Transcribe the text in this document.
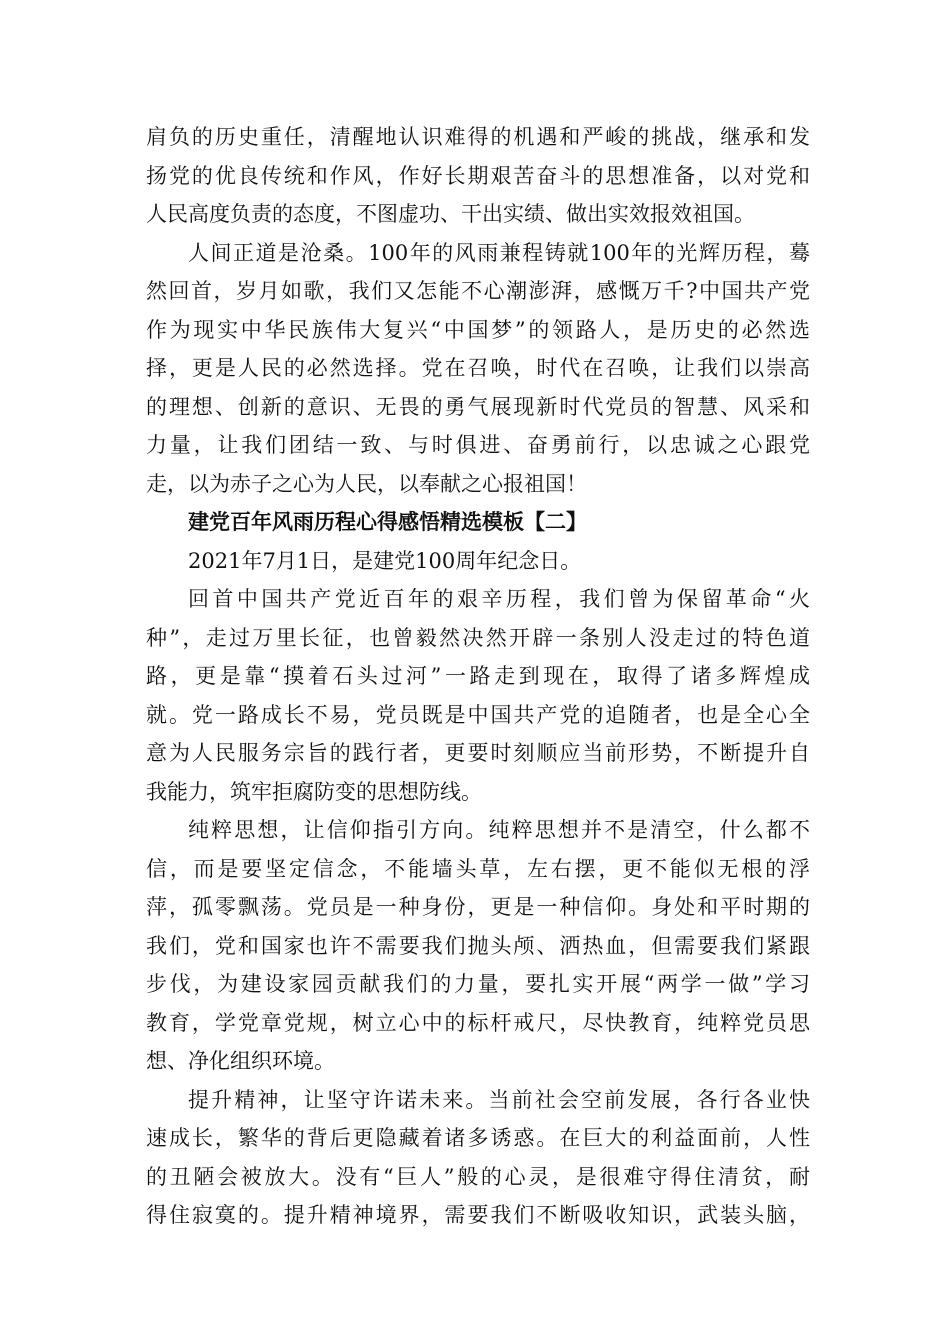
肩负的历史重任，清醒地认识难得的机遇和严峻的挑战，继承和发
扬党的优良传统和作风，作好长期艰苦奋斗的思想准备，以对党和
人民高度负责的态度，不图虚功、干出实绩、做出实效报效祖国。
人间正道是沧桑。100年的风雨兼程铸就100年的光辉历程，蓦
然回首，岁月如歌，我们又怎能不心潮澎湃，感慨万千?中国共产党
作为现实中华民族伟大复兴“中国梦”的领路人，是历史的必然选
择，更是人民的必然选择。党在召唤，时代在召唤，让我们以崇高
的理想、创新的意识、无畏的勇气展现新时代党员的智慧、风采和
力量，让我们团结一致、与时俱进、奋勇前行，以忠诚之心跟党
走，以为赤子之心为人民，以奉献之心报祖国！
建党百年风雨历程心得感悟精选模板【二】
2021年7月1日，是建党100周年纪念日。
回首中国共产党近百年的艰辛历程，我们曾为保留革命“火
种”，走过万里长征，也曾毅然决然开辟一条别人没走过的特色道
路，更是靠“摸着石头过河”一路走到现在，取得了诸多辉煌成
就。党一路成长不易，党员既是中国共产党的追随者，也是全心全
意为人民服务宗旨的践行者，更要时刻顺应当前形势，不断提升自
我能力，筑牢拒腐防变的思想防线。
纯粹思想，让信仰指引方向。纯粹思想并不是清空，什么都不
信，而是要坚定信念，不能墙头草，左右摆，更不能似无根的浮
萍，孤零飘荡。党员是一种身份，更是一种信仰。身处和平时期的
我们，党和国家也许不需要我们抛头颅、洒热血，但需要我们紧跟
步伐，为建设家园贡献我们的力量，要扎实开展“两学一做”学习
教育，学党章党规，树立心中的标杆戒尺，尽快教育，纯粹党员思
想、净化组织环境。
提升精神，让坚守许诺未来。当前社会空前发展，各行各业快
速成长，繁华的背后更隐藏着诸多诱惑。在巨大的利益面前，人性
的丑陋会被放大。没有“巨人”般的心灵，是很难守得住清贫，耐
得住寂寞的。提升精神境界，需要我们不断吸收知识，武装头脑，
